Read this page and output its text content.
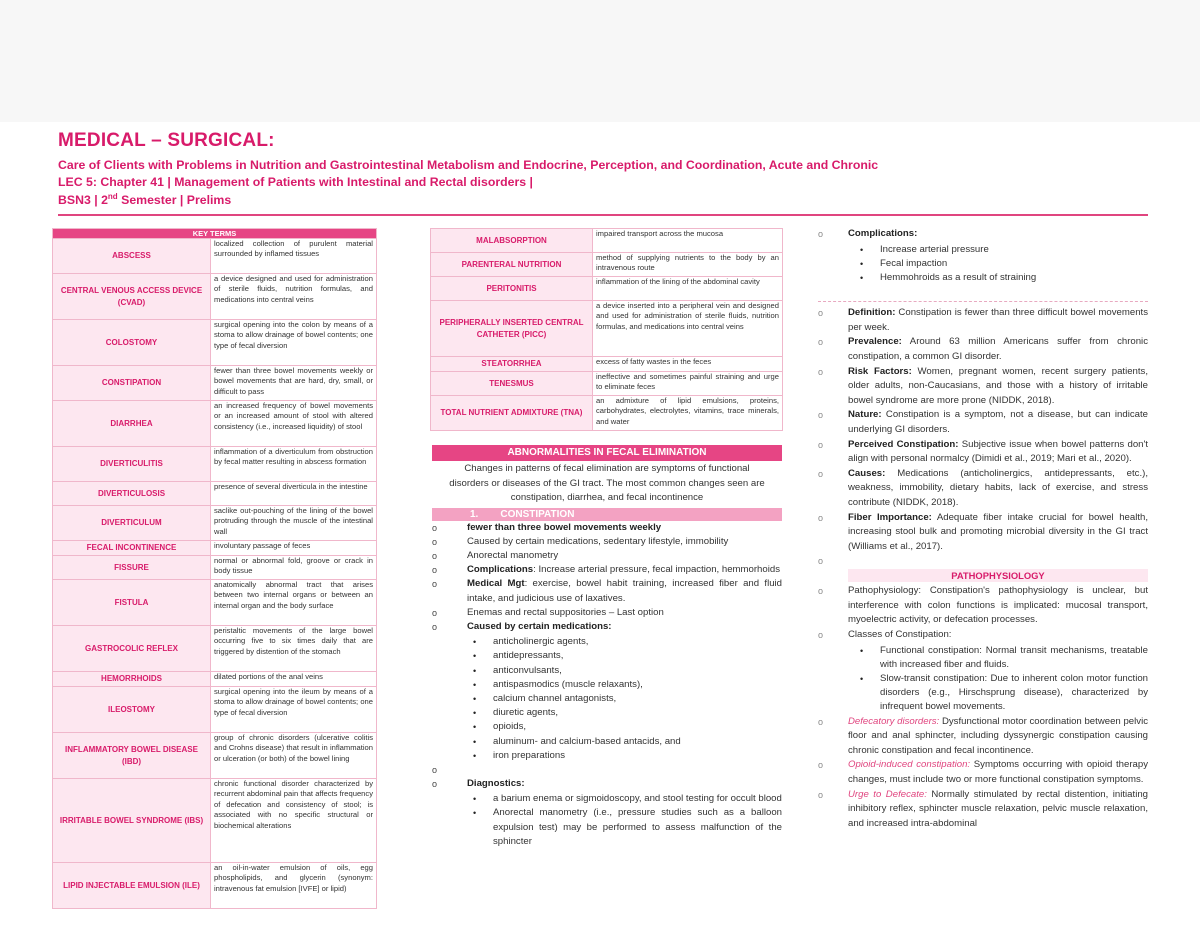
MEDICAL – SURGICAL:
Care of Clients with Problems in Nutrition and Gastrointestinal Metabolism and Endocrine, Perception, and Coordination, Acute and Chronic
LEC 5: Chapter 41 | Management of Patients with Intestinal and Rectal disorders |
BSN3 | 2nd Semester | Prelims
KEY TERMS	
ABSCESS	localized collection of purulent material surrounded by inflamed tissues
CENTRAL VENOUS ACCESS DEVICE (CVAD)	a device designed and used for administration of sterile fluids, nutrition formulas, and medications into central veins
COLOSTOMY	surgical opening into the colon by means of a stoma to allow drainage of bowel contents; one type of fecal diversion
CONSTIPATION	fewer than three bowel movements weekly or bowel movements that are hard, dry, small, or difficult to pass
DIARRHEA	an increased frequency of bowel movements or an increased amount of stool with altered consistency (i.e., increased liquidity) of stool
DIVERTICULITIS	inflammation of a diverticulum from obstruction by fecal matter resulting in abscess formation
DIVERTICULOSIS	presence of several diverticula in the intestine
DIVERTICULUM	saclike out-pouching of the lining of the bowel protruding through the muscle of the intestinal wall
FECAL INCONTINENCE	involuntary passage of feces
FISSURE	normal or abnormal fold, groove or crack in body tissue
FISTULA	anatomically abnormal tract that arises between two internal organs or between an internal organ and the body surface
GASTROCOLIC REFLEX	peristaltic movements of the large bowel occurring five to six times daily that are triggered by distention of the stomach
HEMORRHOIDS	dilated portions of the anal veins
ILEOSTOMY	surgical opening into the ileum by means of a stoma to allow drainage of bowel contents; one type of fecal diversion
INFLAMMATORY BOWEL DISEASE (IBD)	group of chronic disorders (ulcerative colitis and Crohns disease) that result in inflammation or ulceration (or both) of the bowel lining
IRRITABLE BOWEL SYNDROME (IBS)	chronic functional disorder characterized by recurrent abdominal pain that affects frequency of defecation and consistency of stool; is associated with no specific structural or biochemical alterations
LIPID INJECTABLE EMULSION (ILE)	an oil-in-water emulsion of oils, egg phospholipids, and glycerin (synonym: intravenous fat emulsion [IVFE] or lipid)
MALABSORPTION	impaired transport across the mucosa
PARENTERAL NUTRITION	method of supplying nutrients to the body by an intravenous route
PERITONITIS	inflammation of the lining of the abdominal cavity
PERIPHERALLY INSERTED CENTRAL CATHETER (PICC)	a device inserted into a peripheral vein and designed and used for administration of sterile fluids, nutrition formulas, and medications into central veins
STEATORRHEA	excess of fatty wastes in the feces
TENESMUS	ineffective and sometimes painful straining and urge to eliminate feces
TOTAL NUTRIENT ADMIXTURE (TNA)	an admixture of lipid emulsions, proteins, carbohydrates, electrolytes, vitamins, trace minerals, and water
ABNORMALITIES IN FECAL ELIMINATION
Changes in patterns of fecal elimination are symptoms of functional disorders or diseases of the GI tract. The most common changes seen are constipation, diarrhea, and fecal incontinence
1. CONSTIPATION
o fewer than three bowel movements weekly
o Caused by certain medications, sedentary lifestyle, immobility
o Anorectal manometry
o Complications: Increase arterial pressure, fecal impaction, hemmorhoids
o Medical Mgt: exercise, bowel habit training, increased fiber and fluid intake, and judicious use of laxatives.
o Enemas and rectal suppositories – Last option
o Caused by certain medications:
• anticholinergic agents,
• antidepressants,
• anticonvulsants,
• antispasmodics (muscle relaxants),
• calcium channel antagonists,
• diuretic agents,
• opioids,
• aluminum- and calcium-based antacids, and
• iron preparations
o
o Diagnostics:
• a barium enema or sigmoidoscopy, and stool testing for occult blood
• Anorectal manometry (i.e., pressure studies such as a balloon expulsion test) may be performed to assess malfunction of the sphincter
o Complications:
• Increase arterial pressure
• Fecal impaction
• Hemmohroids as a result of straining
o Definition: Constipation is fewer than three difficult bowel movements per week.
o Prevalence: Around 63 million Americans suffer from chronic constipation, a common GI disorder.
o Risk Factors: Women, pregnant women, recent surgery patients, older adults, non-Caucasians, and those with a history of irritable bowel syndrome are more prone (NIDDK, 2018).
o Nature: Constipation is a symptom, not a disease, but can indicate underlying GI disorders.
o Perceived Constipation: Subjective issue when bowel patterns don't align with personal normalcy (Dimidi et al., 2019; Mari et al., 2020).
o Causes: Medications (anticholinergics, antidepressants, etc.), weakness, immobility, dietary habits, lack of exercise, and stress contribute (NIDDK, 2018).
o Fiber Importance: Adequate fiber intake crucial for bowel health, increasing stool bulk and promoting microbial diversity in the GI tract (Williams et al., 2017).
o
PATHOPHYSIOLOGY
o Pathophysiology: Constipation's pathophysiology is unclear, but interference with colon functions is implicated: mucosal transport, myoelectric activity, or defecation processes.
o Classes of Constipation:
• Functional constipation: Normal transit mechanisms, treatable with increased fiber and fluids.
• Slow-transit constipation: Due to inherent colon motor function disorders (e.g., Hirschsprung disease), characterized by infrequent bowel movements.
o Defecatory disorders: Dysfunctional motor coordination between pelvic floor and anal sphincter, including dyssynergic constipation causing chronic constipation and fecal incontinence.
o Opioid-induced constipation: Symptoms occurring with opioid therapy changes, must include two or more functional constipation symptoms.
o Urge to Defecate: Normally stimulated by rectal distention, initiating inhibitory reflex, sphincter muscle relaxation, pelvic muscle relaxation, and increased intra-abdominal
